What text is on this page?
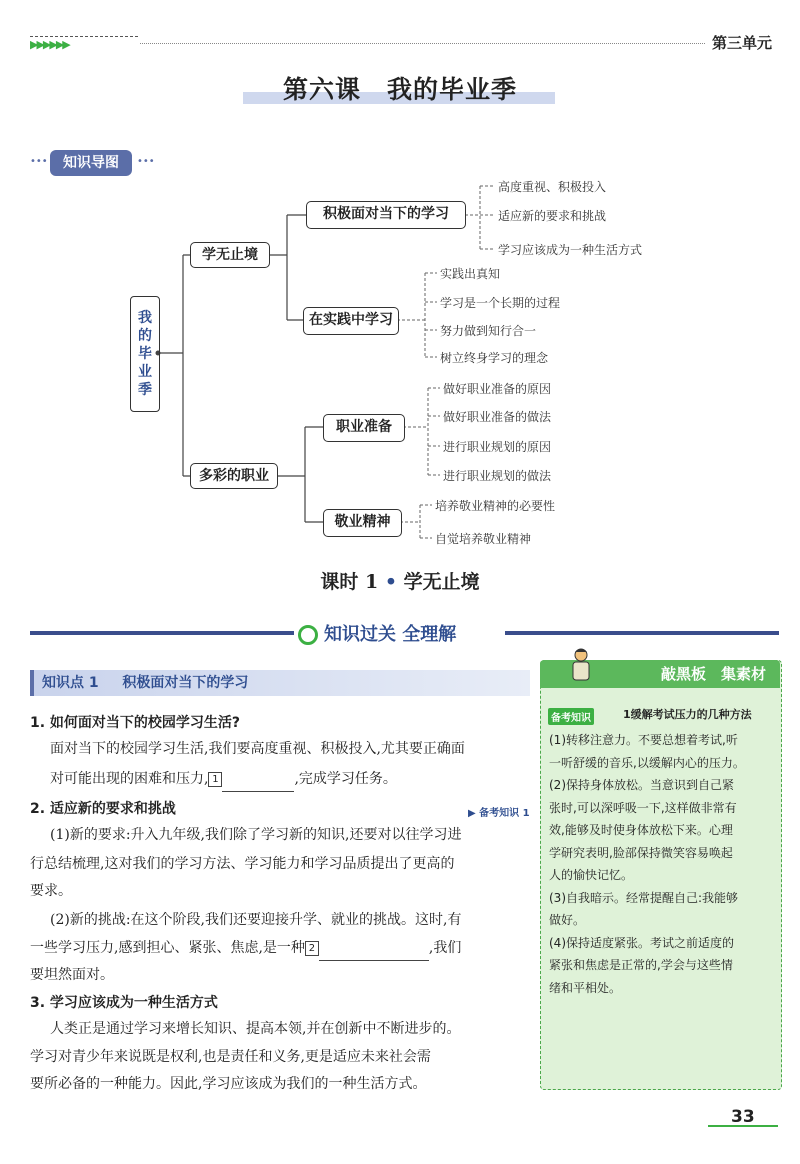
▶▶▶▶▶▶	第三单元
第六课　我的毕业季
•••	知识导图	•••
我
的
毕
业
季
学无止境
多彩的职业
积极面对当下的学习
在实践中学习
职业准备
敬业精神
高度重视、积极投入
适应新的要求和挑战
学习应该成为一种生活方式
实践出真知
学习是一个长期的过程
努力做到知行合一
树立终身学习的理念
做好职业准备的原因
做好职业准备的做法
进行职业规划的原因
进行职业规划的做法
培养敬业精神的必要性
自觉培养敬业精神
课时 1 • 学无止境
知识过关 全理解
知识点 1 积极面对当下的学习
1. 如何面对当下的校园学习生活?
面对当下的校园学习生活,我们要高度重视、积极投入,尤其要正确面
对可能出现的困难和压力, 1	,完成学习任务。
2. 适应新的要求和挑战	▶ 备考知识 1
(1)新的要求:升入九年级,我们除了学习新的知识,还要对以往学习进
行总结梳理,这对我们的学习方法、学习能力和学习品质提出了更高的
要求。
(2)新的挑战:在这个阶段,我们还要迎接升学、就业的挑战。这时,有
一些学习压力,感到担心、紧张、焦虑,是一种 2	,我们
要坦然面对。
3. 学习应该成为一种生活方式
人类正是通过学习来增长知识、提高本领,并在创新中不断进步的。
学习对青少年来说既是权利,也是责任和义务,更是适应未来社会需
要所必备的一种能力。因此,学习应该成为我们的一种生活方式。
敲黑板　集素材
备考知识	1缓解考试压力的几种方法
(1)转移注意力。不要总想着考试,听
一听舒缓的音乐,以缓解内心的压力。
(2)保持身体放松。当意识到自己紧
张时,可以深呼吸一下,这样做非常有
效,能够及时使身体放松下来。心理
学研究表明,脸部保持微笑容易唤起
人的愉快记忆。
(3)自我暗示。经常提醒自己:我能够
做好。
(4)保持适度紧张。考试之前适度的
紧张和焦虑是正常的,学会与这些情
绪和平相处。
33
